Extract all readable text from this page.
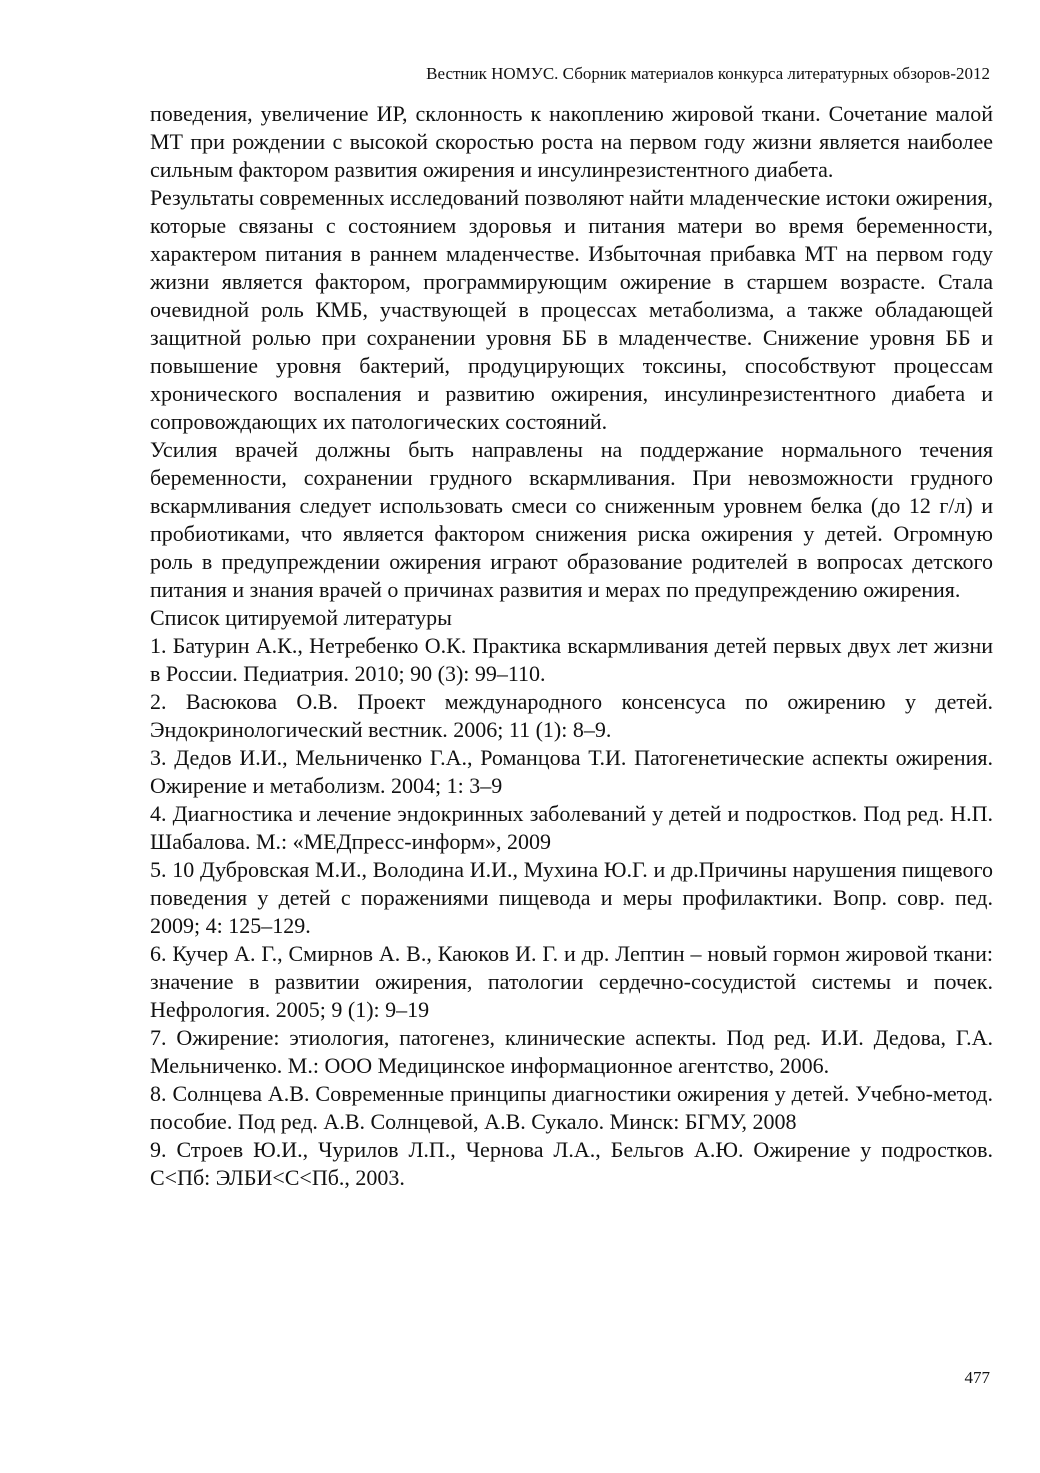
Вестник НОМУС. Сборник материалов конкурса литературных обзоров-2012

поведения, увеличение ИР, склонность к накоплению жировой ткани. Сочетание малой МТ при рождении с высокой скоростью роста на первом году жизни является наиболее сильным фактором развития ожирения и инсулинрезистентного диабета.

Результаты современных исследований позволяют найти младенческие истоки ожирения, которые связаны с состоянием здоровья и питания матери во время беременности, характером питания в раннем младенчестве. Избыточная прибавка МТ на первом году жизни является фактором, программирующим ожирение в старшем возрасте. Стала очевидной роль КМБ, участвующей в процессах метаболизма, а также обладающей защитной ролью при сохранении уровня ББ в младенчестве. Снижение уровня ББ и повышение уровня бактерий, продуцирующих токсины, способствуют процессам хронического воспаления и развитию ожирения, инсулинрезистентного диабета и сопровождающих их патологических состояний.

Усилия врачей должны быть направлены на поддержание нормального течения беременности, сохранении грудного вскармливания. При невозможности грудного вскармливания следует использовать смеси со сниженным уровнем белка (до 12 г/л) и пробиотиками, что является фактором снижения риска ожирения у детей. Огромную роль в предупреждении ожирения играют образование родителей в вопросах детского питания и знания врачей о причинах развития и мерах по предупреждению ожирения.

Список цитируемой литературы

1. Батурин А.К., Нетребенко О.К. Практика вскармливания детей первых двух лет жизни в России. Педиатрия. 2010; 90 (3): 99–110.

2. Васюкова О.В. Проект международного консенсуса по ожирению у детей. Эндокринологический вестник. 2006; 11 (1): 8–9.

3. Дедов И.И., Мельниченко Г.А., Романцова Т.И. Патогенетические аспекты ожирения. Ожирение и метаболизм. 2004; 1: 3–9

4. Диагностика и лечение эндокринных заболеваний у детей и подростков. Под ред. Н.П. Шабалова. М.: «МЕДпресс-информ», 2009

5. 10 Дубровская М.И., Володина И.И., Мухина Ю.Г. и др.Причины нарушения пищевого поведения у детей с поражениями пищевода и меры профилактики. Вопр. совр. пед. 2009; 4: 125–129.

6. Кучер А. Г., Смирнов А. В., Каюков И. Г. и др. Лептин – новый гормон жировой ткани: значение в развитии ожирения, патологии сердечно-сосудистой системы и почек. Нефрология. 2005; 9 (1): 9–19

7. Ожирение: этиология, патогенез, клинические аспекты. Под ред. И.И. Дедова, Г.А. Мельниченко. М.: ООО Медицинское информационное агентство, 2006.

8. Солнцева А.В. Современные принципы диагностики ожирения у детей. Учебно-метод. пособие. Под ред. А.В. Солнцевой, А.В. Сукало. Минск: БГМУ, 2008

9. Строев Ю.И., Чурилов Л.П., Чернова Л.А., Бельгов А.Ю. Ожирение у подростков. С<Пб: ЭЛБИ<С<Пб., 2003.

477
